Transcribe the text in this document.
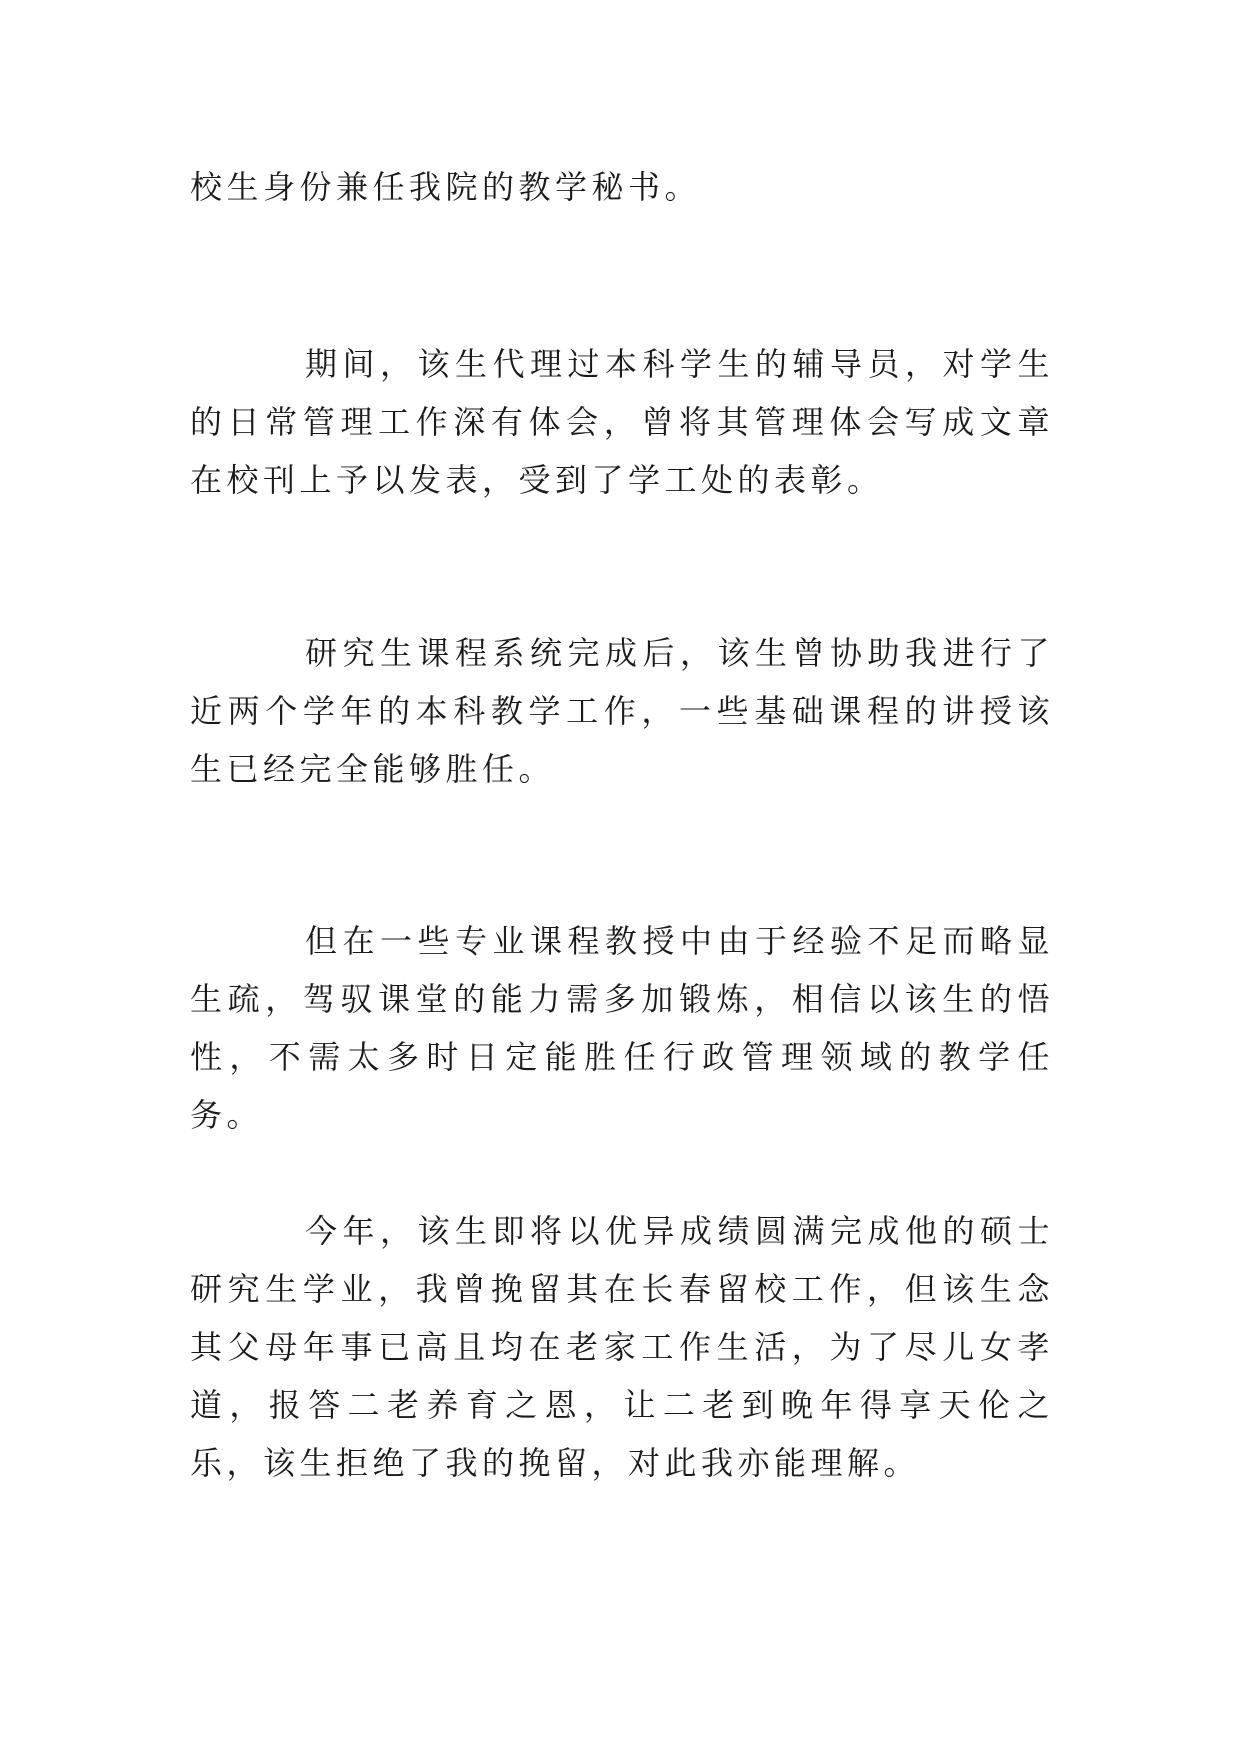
校生身份兼任我院的教学秘书。

期间，该生代理过本科学生的辅导员，对学生的日常管理工作深有体会，曾将其管理体会写成文章在校刊上予以发表，受到了学工处的表彰。

研究生课程系统完成后，该生曾协助我进行了近两个学年的本科教学工作，一些基础课程的讲授该生已经完全能够胜任。

但在一些专业课程教授中由于经验不足而略显生疏，驾驭课堂的能力需多加锻炼，相信以该生的悟性，不需太多时日定能胜任行政管理领域的教学任务。

今年，该生即将以优异成绩圆满完成他的硕士研究生学业，我曾挽留其在长春留校工作，但该生念其父母年事已高且均在老家工作生活，为了尽儿女孝道，报答二老养育之恩，让二老到晚年得享天伦之乐，该生拒绝了我的挽留，对此我亦能理解。
